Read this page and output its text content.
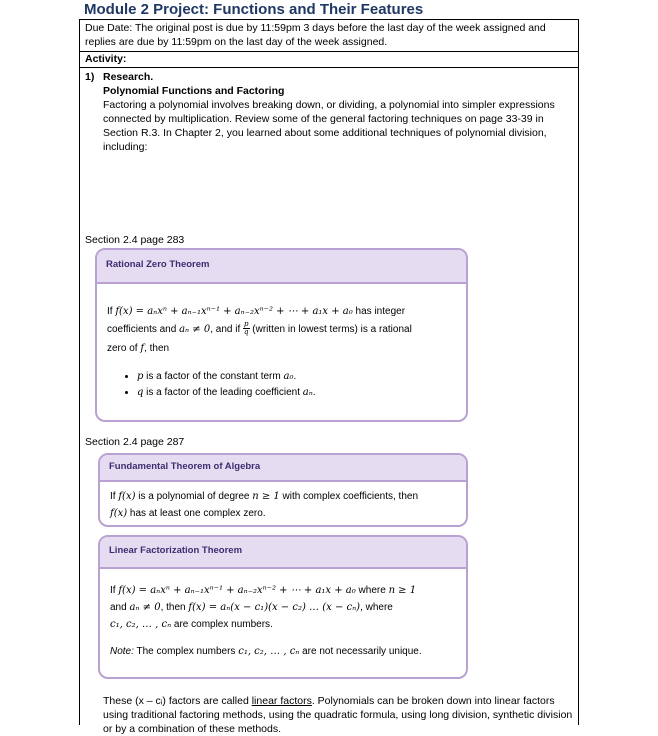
Module 2 Project: Functions and Their Features
Due Date: The original post is due by 11:59pm 3 days before the last day of the week assigned and replies are due by 11:59pm on the last day of the week assigned.
Activity:
1) Research.
Polynomial Functions and Factoring
Factoring a polynomial involves breaking down, or dividing, a polynomial into simpler expressions connected by multiplication. Review some of the general factoring techniques on page 33-39 in Section R.3. In Chapter 2, you learned about some additional techniques of polynomial division, including:
Section 2.4 page 283
Rational Zero Theorem
If f(x) = aₙxⁿ + aₙ₋₁xⁿ⁻¹ + aₙ₋₂xⁿ⁻² + ⋯ + a₁x + a₀ has integer
coefficients and aₙ ≠ 0, and if $\frac{p}{q}$ (written in lowest terms) is a rational
zero of f, then
• p is a factor of the constant term a₀.
• q is a factor of the leading coefficient aₙ.
Section 2.4 page 287
Fundamental Theorem of Algebra
If f(x) is a polynomial of degree n ≥ 1 with complex coefficients, then
f(x) has at least one complex zero.
Linear Factorization Theorem
If f(x) = aₙxⁿ + aₙ₋₁xⁿ⁻¹ + aₙ₋₂xⁿ⁻² + ⋯ + a₁x + a₀ where n ≥ 1
and aₙ ≠ 0, then f(x) = aₙ(x − c₁)(x − c₂) … (x − cₙ), where
c₁, c₂, … , cₙ are complex numbers.
Note: The complex numbers c₁, c₂, … , cₙ are not necessarily unique.
These (x – cᵢ) factors are called linear factors. Polynomials can be broken down into linear factors using traditional factoring methods, using the quadratic formula, using long division, synthetic division or by a combination of these methods.
